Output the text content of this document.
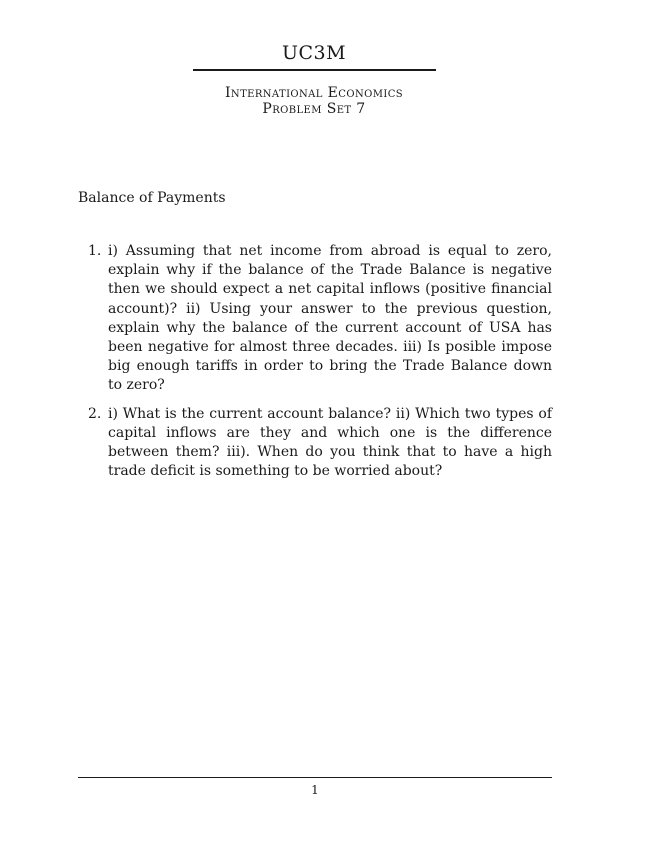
UC3M
International Economics
Problem Set 7
Balance of Payments
1. i) Assuming that net income from abroad is equal to zero, explain why if the balance of the Trade Balance is negative then we should expect a net capital inflows (positive financial account)? ii) Using your answer to the previous question, explain why the balance of the current account of USA has been negative for almost three decades. iii) Is posible impose big enough tariffs in order to bring the Trade Balance down to zero?
2. i) What is the current account balance? ii) Which two types of capital inflows are they and which one is the difference between them? iii). When do you think that to have a high trade deficit is something to be worried about?
1
